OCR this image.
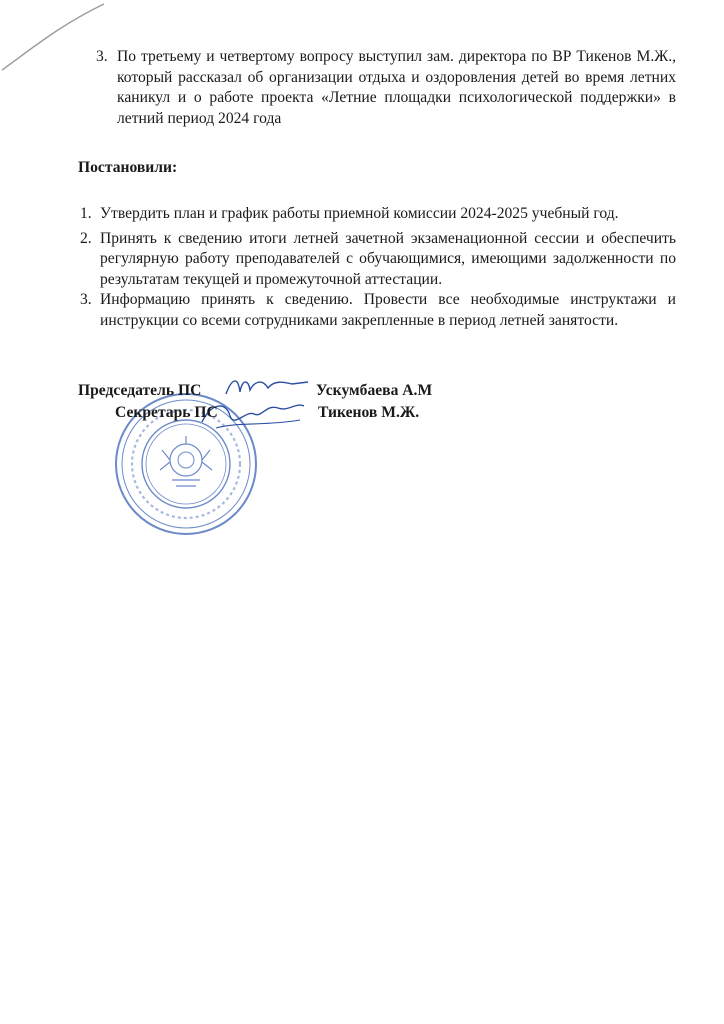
3. По третьему и четвертому вопросу выступил зам. директора по ВР Тикенов М.Ж., который рассказал об организации отдыха и оздоровления детей во время летних каникул и о работе проекта «Летние площадки психологической поддержки» в летний период 2024 года
Постановили:
1. Утвердить план и график работы приемной комиссии 2024-2025 учебный год.
2. Принять к сведению итоги летней зачетной экзаменационной сессии и обеспечить регулярную работу преподавателей с обучающимися, имеющими задолженности по результатам текущей и промежуточной аттестации.
3. Информацию принять к сведению. Провести все необходимые инструктажи и инструкции со всеми сотрудниками закрепленные в период летней занятости.
Председатель ПС	Ускумбаева А.М
Секретарь ПС	Тикенов М.Ж.
